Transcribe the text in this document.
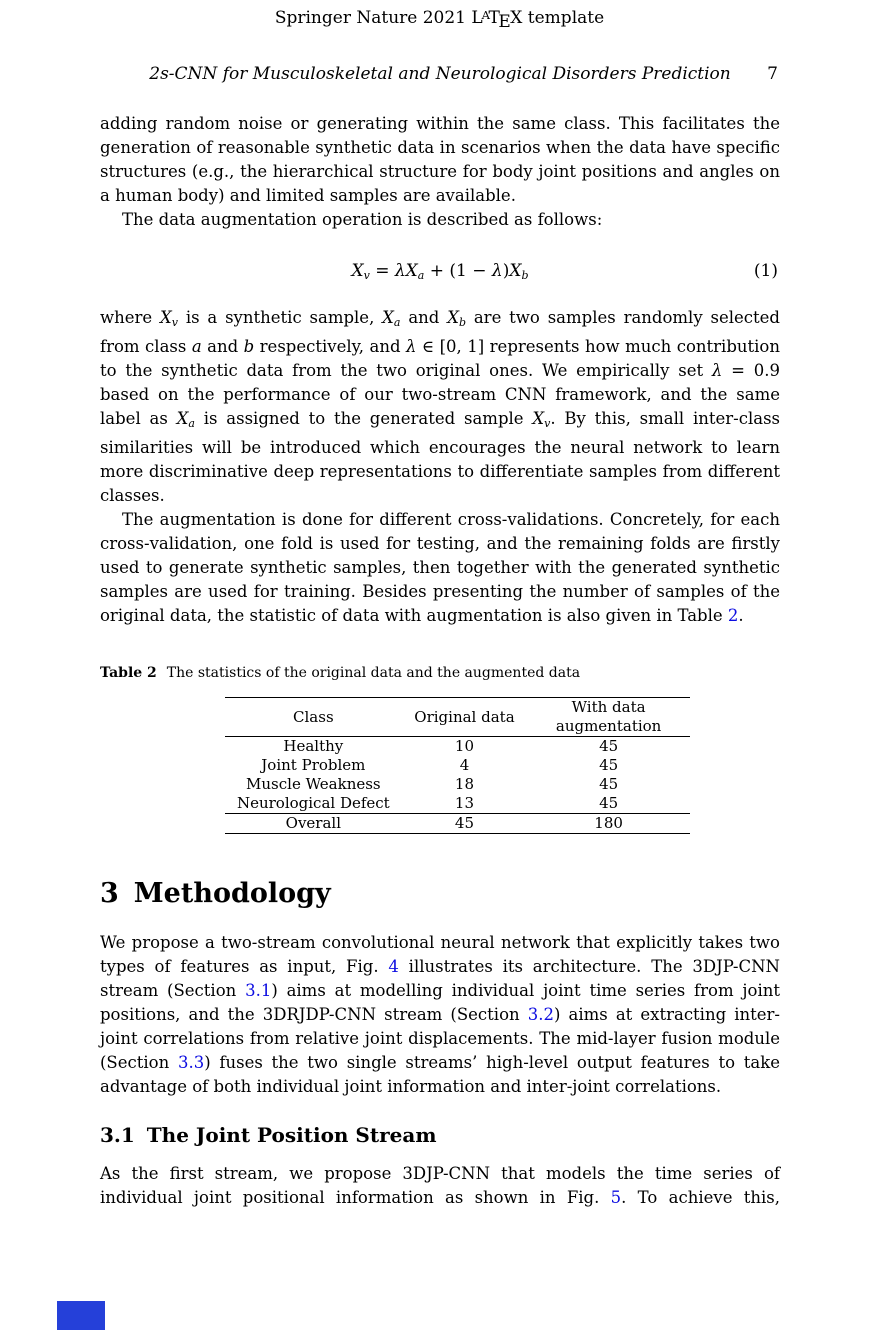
Springer Nature 2021 LATEX template
2s-CNN for Musculoskeletal and Neurological Disorders Prediction 7

adding random noise or generating within the same class. This facilitates the generation of reasonable synthetic data in scenarios when the data have specific structures (e.g., the hierarchical structure for body joint positions and angles on a human body) and limited samples are available.

The data augmentation operation is described as follows:

Xv = λXa + (1 − λ)Xb	(1)

where Xv is a synthetic sample, Xa and Xb are two samples randomly selected from class a and b respectively, and λ ∈ [0, 1] represents how much contribution to the synthetic data from the two original ones. We empirically set λ = 0.9 based on the performance of our two-stream CNN framework, and the same label as Xa is assigned to the generated sample Xv. By this, small inter-class similarities will be introduced which encourages the neural network to learn more discriminative deep representations to differentiate samples from different classes.

The augmentation is done for different cross-validations. Concretely, for each cross-validation, one fold is used for testing, and the remaining folds are firstly used to generate synthetic samples, then together with the generated synthetic samples are used for training. Besides presenting the number of samples of the original data, the statistic of data with augmentation is also given in Table 2.

Table 2 The statistics of the original data and the augmented data
Class	Original data	With data augmentation
Healthy	10	45
Joint Problem	4	45
Muscle Weakness	18	45
Neurological Defect	13	45
Overall	45	180
3 Methodology

We propose a two-stream convolutional neural network that explicitly takes two types of features as input, Fig. 4 illustrates its architecture. The 3DJP-CNN stream (Section 3.1) aims at modelling individual joint time series from joint positions, and the 3DRJDP-CNN stream (Section 3.2) aims at extracting inter-joint correlations from relative joint displacements. The mid-layer fusion module (Section 3.3) fuses the two single streams’ high-level output features to take advantage of both individual joint information and inter-joint correlations.

3.1 The Joint Position Stream

As the first stream, we propose 3DJP-CNN that models the time series of individual joint positional information as shown in Fig. 5. To achieve this,
